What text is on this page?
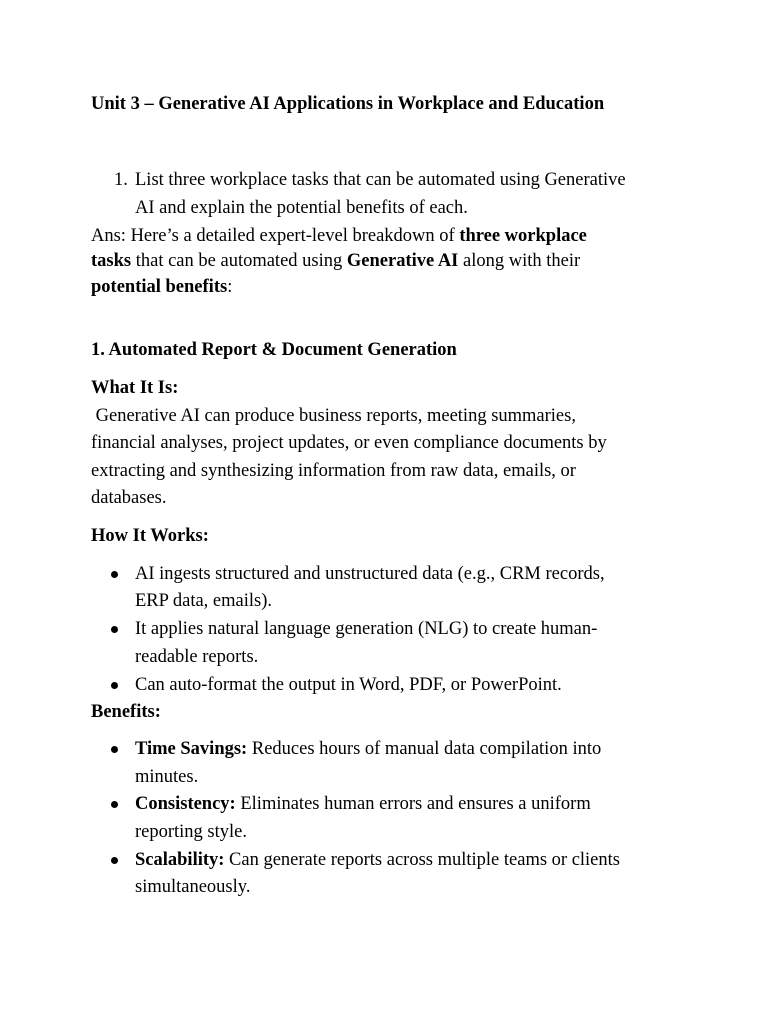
Unit 3 – Generative AI Applications in Workplace and Education
1. List three workplace tasks that can be automated using Generative
AI and explain the potential benefits of each.
Ans: Here’s a detailed expert-level breakdown of three workplace
tasks that can be automated using Generative AI along with their
potential benefits:
1. Automated Report & Document Generation
What It Is:
Generative AI can produce business reports, meeting summaries,
financial analyses, project updates, or even compliance documents by
extracting and synthesizing information from raw data, emails, or
databases.
How It Works:
AI ingests structured and unstructured data (e.g., CRM records,
ERP data, emails).
It applies natural language generation (NLG) to create human-
readable reports.
Can auto-format the output in Word, PDF, or PowerPoint.
Benefits:
Time Savings: Reduces hours of manual data compilation into
minutes.
Consistency: Eliminates human errors and ensures a uniform
reporting style.
Scalability: Can generate reports across multiple teams or clients
simultaneously.
